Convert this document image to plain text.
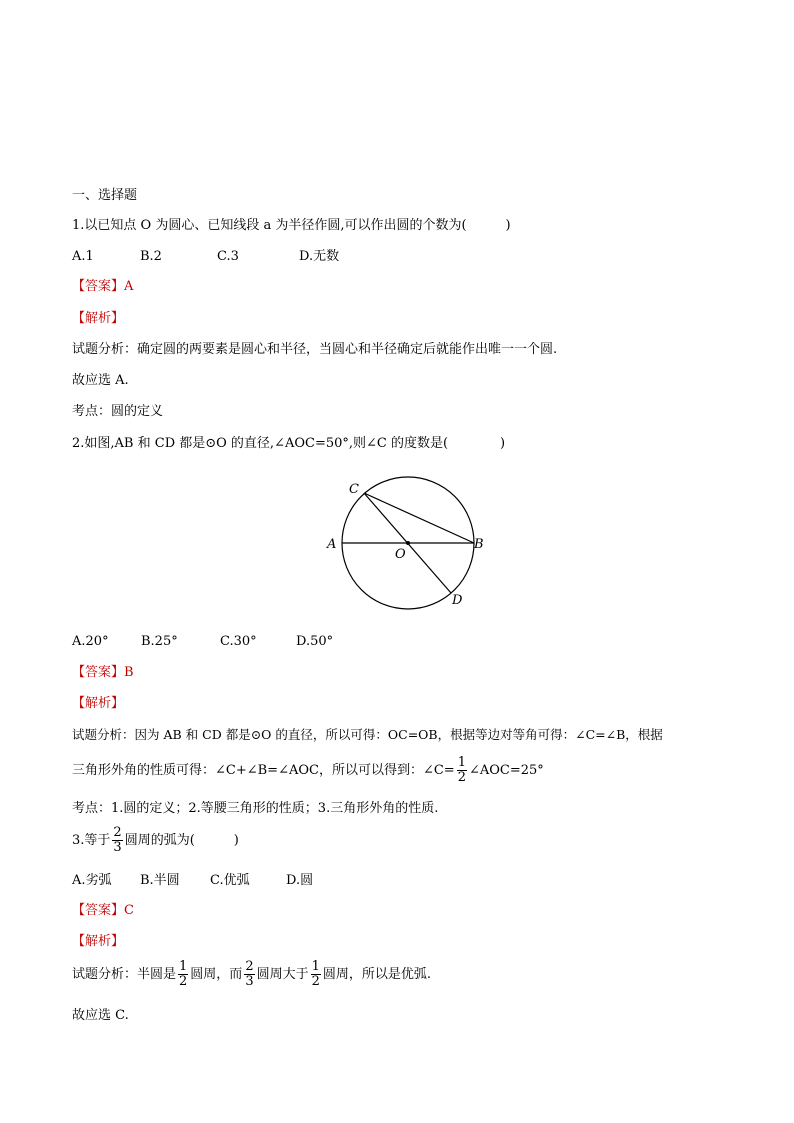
一、选择题
1.以已知点 O 为圆心、已知线段 a 为半径作圆,可以作出圆的个数为(　　　)
A.1	B.2	C.3	D.无数
【答案】A
【解析】
试题分析：确定圆的两要素是圆心和半径，当圆心和半径确定后就能作出唯一一个圆.
故应选 A.
考点：圆的定义
2.如图,AB 和 CD 都是⊙O 的直径,∠AOC=50°,则∠C 的度数是(　　　　)
C
A	B
O
D
A.20° B.25°	C.30°	D.50°
【答案】B
【解析】
试题分析：因为 AB 和 CD 都是⊙O 的直径，所以可得：OC=OB，根据等边对等角可得：∠C=∠B，根据
三角形外角的性质可得：∠C+∠B=∠AOC，所以可以得到：∠C= $\frac{1}{2}$ ∠AOC=25°
考点：1.圆的定义；2.等腰三角形的性质；3.三角形外角的性质.
3.等于 $\frac{2}{3}$ 圆周的弧为(　　　)
A.劣弧 B.半圆 C.优弧	D.圆
【答案】C
【解析】
试题分析：半圆是 $\frac{1}{2}$ 圆周，而 $\frac{2}{3}$ 圆周大于 $\frac{1}{2}$ 圆周，所以是优弧.
故应选 C.
